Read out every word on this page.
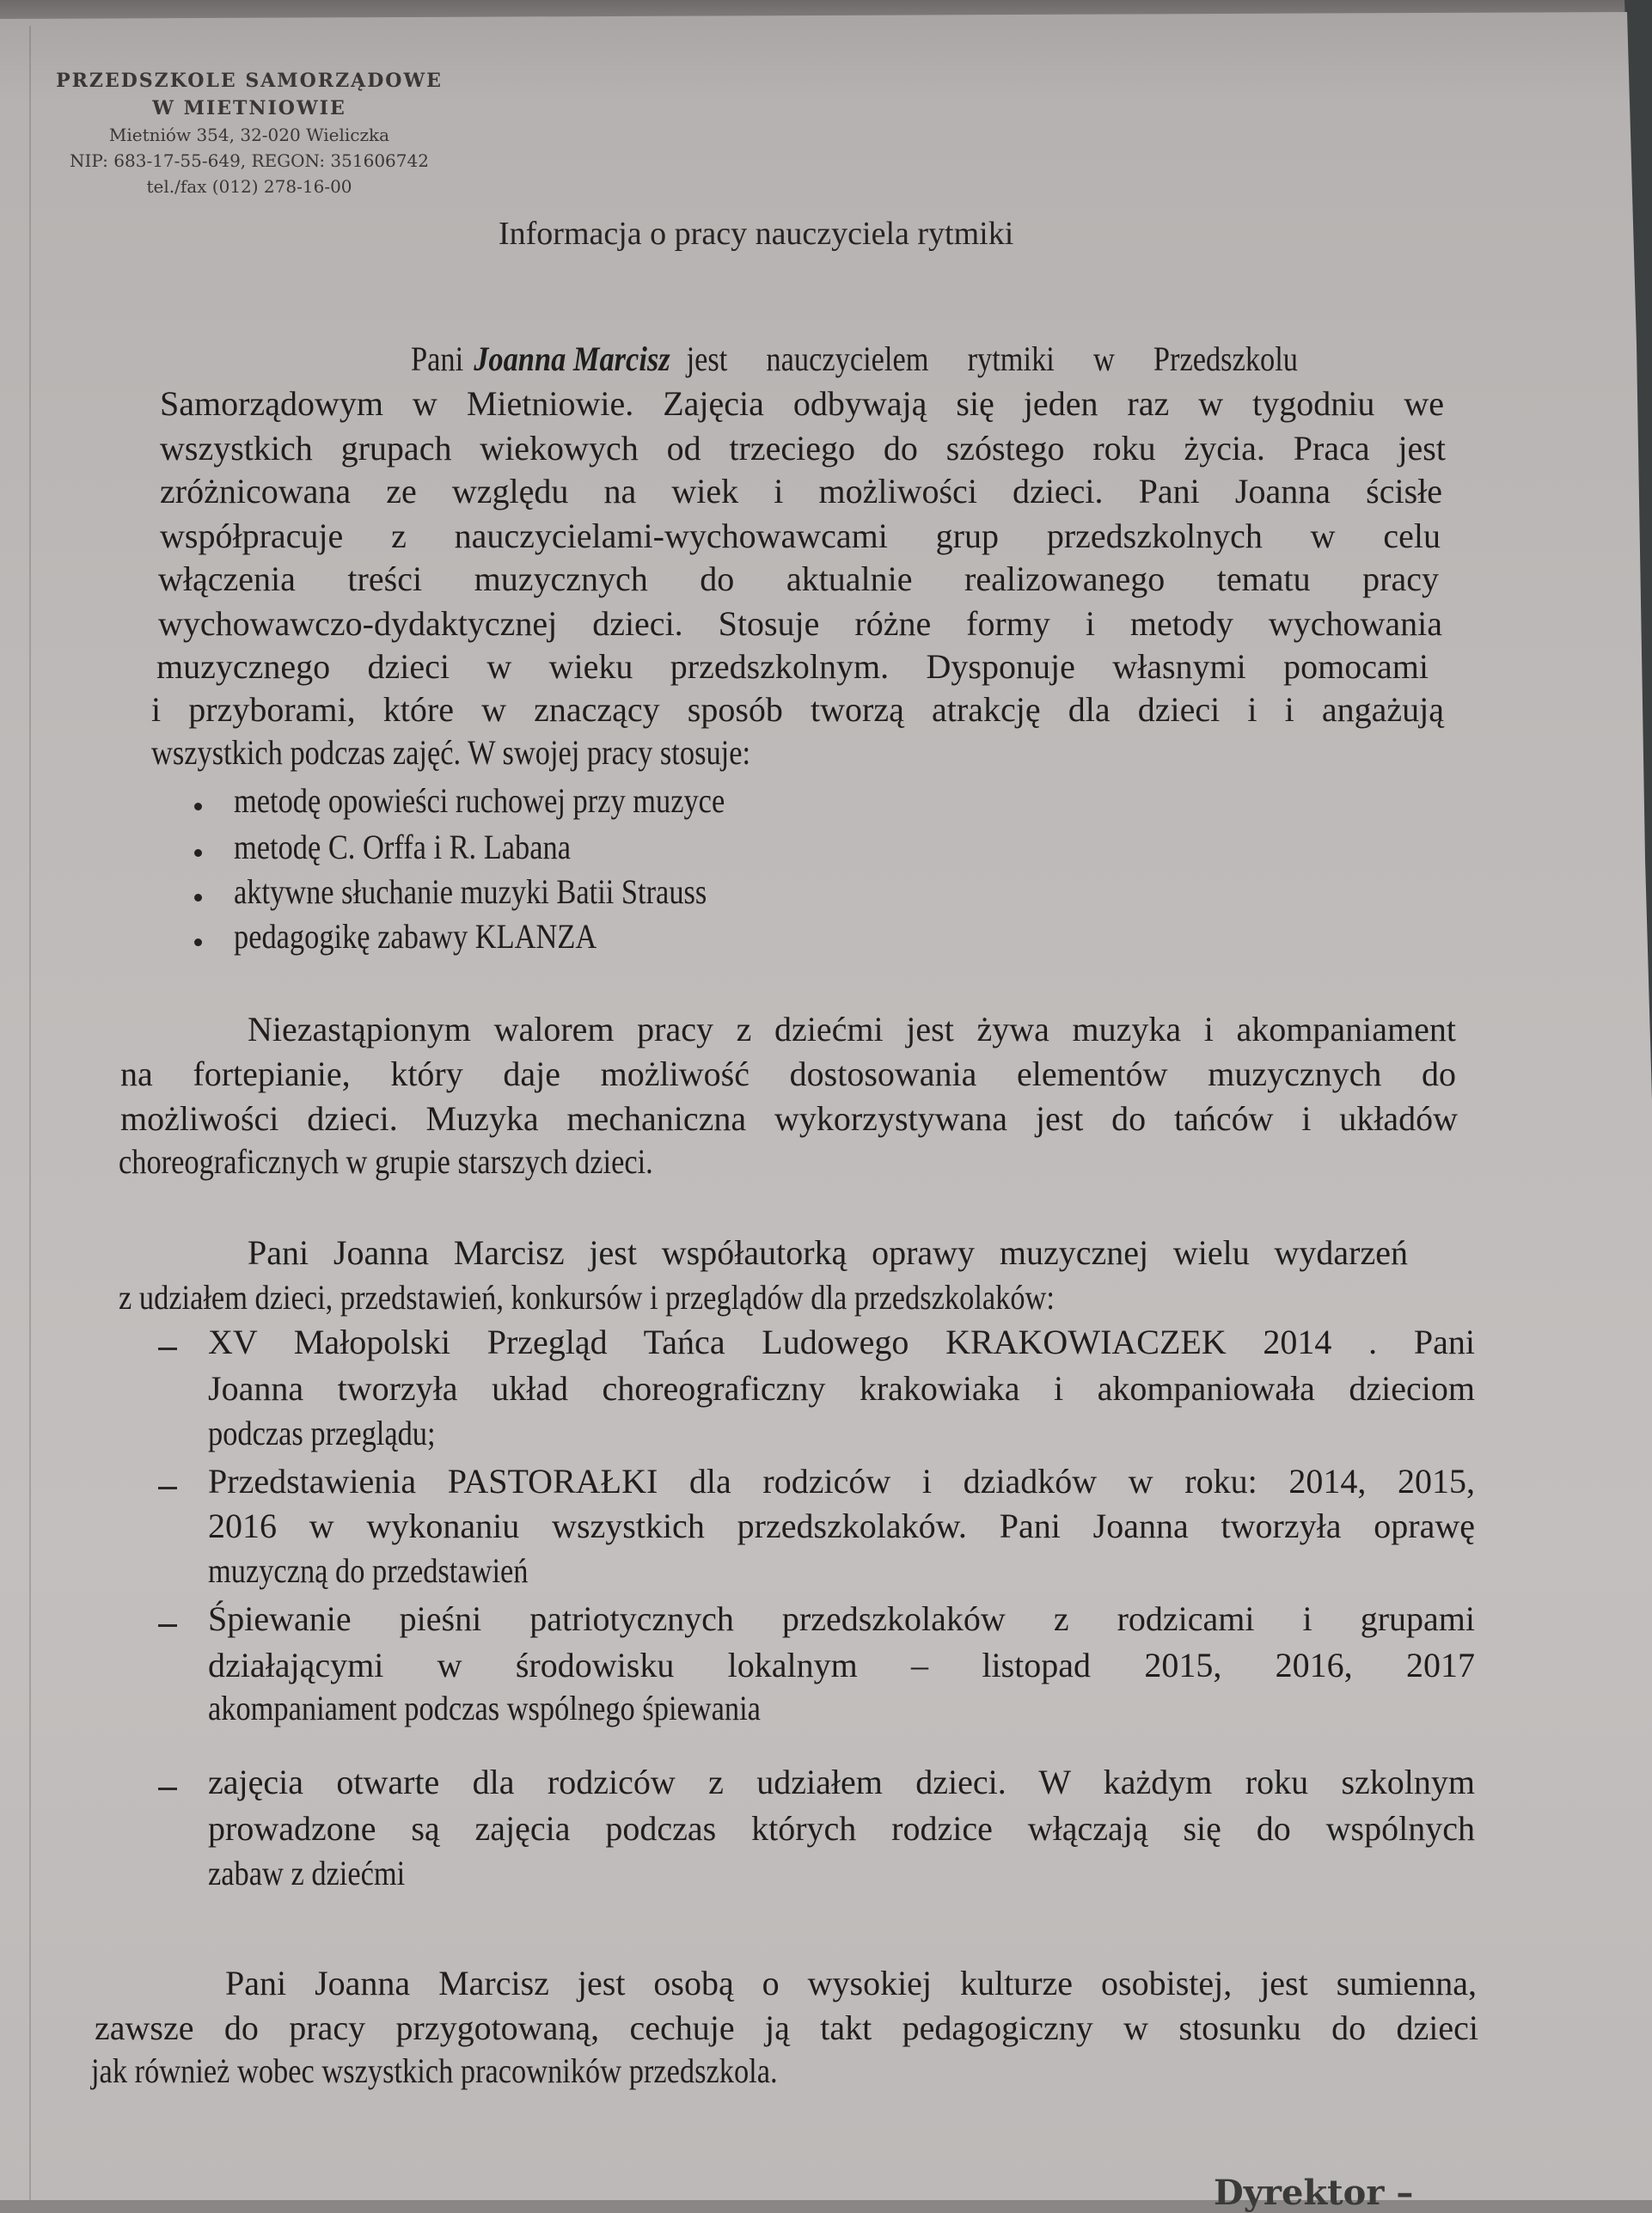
PRZEDSZKOLE SAMORZĄDOWE
W MIETNIOWIE
Mietniów 354, 32-020 Wieliczka
NIP: 683-17-55-649, REGON: 351606742
tel./fax (012) 278-16-00
Informacja o pracy nauczyciela rytmiki
Pani Joanna Marcisz jest nauczycielem rytmiki w Przedszkolu
Samorządowym w Mietniowie. Zajęcia odbywają się jeden raz w tygodniu we
wszystkich grupach wiekowych od trzeciego do szóstego roku życia. Praca jest
zróżnicowana ze względu na wiek i możliwości dzieci. Pani Joanna ścisłe
współpracuje z nauczycielami-wychowawcami grup przedszkolnych w celu
włączenia treści muzycznych do aktualnie realizowanego tematu pracy
wychowawczo-dydaktycznej dzieci. Stosuje różne formy i metody wychowania
muzycznego dzieci w wieku przedszkolnym. Dysponuje własnymi pomocami
i przyborami, które w znaczący sposób tworzą atrakcję dla dzieci i i angażują
wszystkich podczas zajęć. W swojej pracy stosuje:
metodę opowieści ruchowej przy muzyce
metodę C. Orffa i R. Labana
aktywne słuchanie muzyki Batii Strauss
pedagogikę zabawy KLANZA
Niezastąpionym walorem pracy z dziećmi jest żywa muzyka i akompaniament
na fortepianie, który daje możliwość dostosowania elementów muzycznych do
możliwości dzieci. Muzyka mechaniczna wykorzystywana jest do tańców i układów
choreograficznych w grupie starszych dzieci.
Pani Joanna Marcisz jest współautorką oprawy muzycznej wielu wydarzeń
z udziałem dzieci, przedstawień, konkursów i przeglądów dla przedszkolaków:
XV Małopolski Przegląd Tańca Ludowego KRAKOWIACZEK 2014 . Pani
Joanna tworzyła układ choreograficzny krakowiaka i akompaniowała dzieciom
podczas przeglądu;
Przedstawienia PASTORAŁKI dla rodziców i dziadków w roku: 2014, 2015,
2016 w wykonaniu wszystkich przedszkolaków. Pani Joanna tworzyła oprawę
muzyczną do przedstawień
Śpiewanie pieśni patriotycznych przedszkolaków z rodzicami i grupami
działającymi w środowisku lokalnym – listopad 2015, 2016, 2017
akompaniament podczas wspólnego śpiewania
zajęcia otwarte dla rodziców z udziałem dzieci. W każdym roku szkolnym
prowadzone są zajęcia podczas których rodzice włączają się do wspólnych
zabaw z dziećmi
Pani Joanna Marcisz jest osobą o wysokiej kulturze osobistej, jest sumienna,
zawsze do pracy przygotowaną, cechuje ją takt pedagogiczny w stosunku do dzieci
jak również wobec wszystkich pracowników przedszkola.
Dyrektor –
